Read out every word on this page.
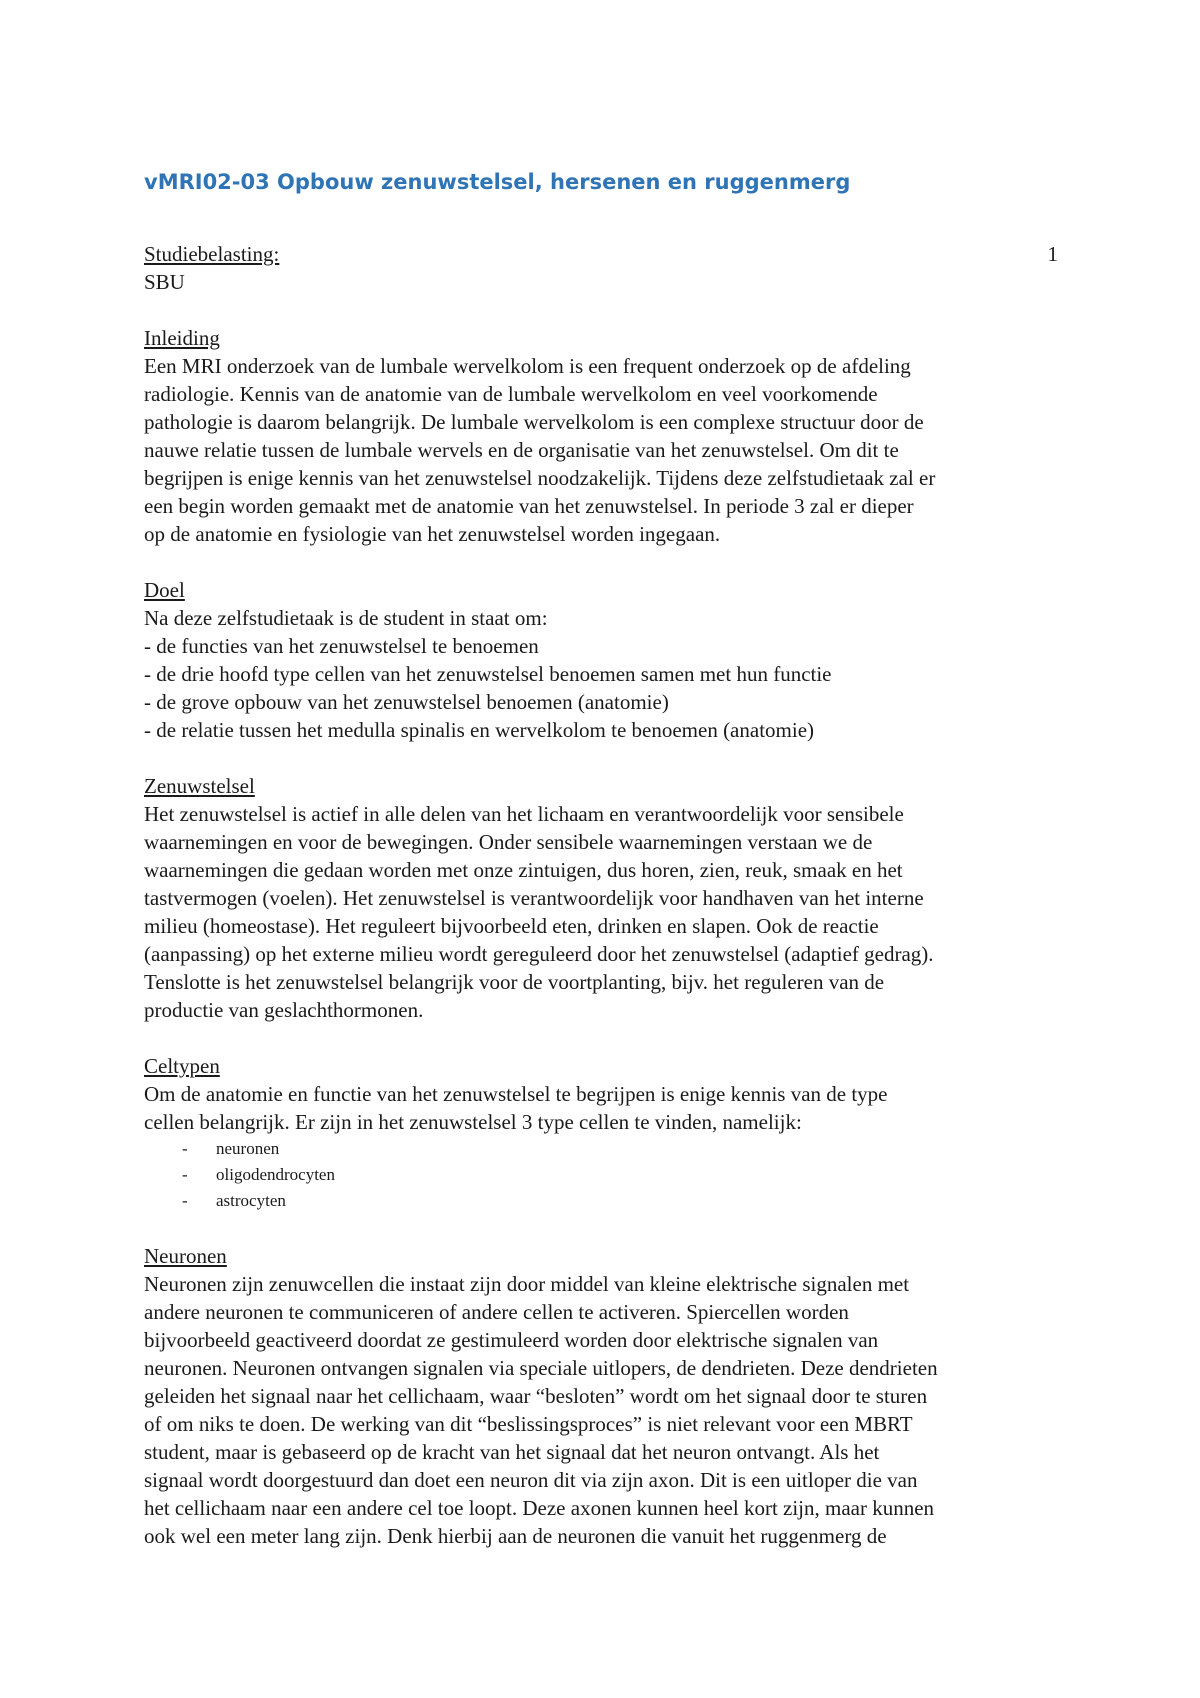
vMRI02-03 Opbouw zenuwstelsel, hersenen en ruggenmerg
Studiebelasting:	1

SBU

Inleiding

Een MRI onderzoek van de lumbale wervelkolom is een frequent onderzoek op de afdeling

radiologie. Kennis van de anatomie van de lumbale wervelkolom en veel voorkomende

pathologie is daarom belangrijk. De lumbale wervelkolom is een complexe structuur door de

nauwe relatie tussen de lumbale wervels en de organisatie van het zenuwstelsel. Om dit te

begrijpen is enige kennis van het zenuwstelsel noodzakelijk. Tijdens deze zelfstudietaak zal er

een begin worden gemaakt met de anatomie van het zenuwstelsel. In periode 3 zal er dieper

op de anatomie en fysiologie van het zenuwstelsel worden ingegaan.

Doel

Na deze zelfstudietaak is de student in staat om:

- de functies van het zenuwstelsel te benoemen

- de drie hoofd type cellen van het zenuwstelsel benoemen samen met hun functie

- de grove opbouw van het zenuwstelsel benoemen (anatomie)

- de relatie tussen het medulla spinalis en wervelkolom te benoemen (anatomie)

Zenuwstelsel

Het zenuwstelsel is actief in alle delen van het lichaam en verantwoordelijk voor sensibele

waarnemingen en voor de bewegingen. Onder sensibele waarnemingen verstaan we de

waarnemingen die gedaan worden met onze zintuigen, dus horen, zien, reuk, smaak en het

tastvermogen (voelen). Het zenuwstelsel is verantwoordelijk voor handhaven van het interne

milieu (homeostase). Het reguleert bijvoorbeeld eten, drinken en slapen. Ook de reactie

(aanpassing) op het externe milieu wordt gereguleerd door het zenuwstelsel (adaptief gedrag).

Tenslotte is het zenuwstelsel belangrijk voor de voortplanting, bijv. het reguleren van de

productie van geslachthormonen.

Celtypen

Om de anatomie en functie van het zenuwstelsel te begrijpen is enige kennis van de type

cellen belangrijk. Er zijn in het zenuwstelsel 3 type cellen te vinden, namelijk:

- neuronen
- oligodendrocyten
- astrocyten

Neuronen

Neuronen zijn zenuwcellen die instaat zijn door middel van kleine elektrische signalen met

andere neuronen te communiceren of andere cellen te activeren. Spiercellen worden

bijvoorbeeld geactiveerd doordat ze gestimuleerd worden door elektrische signalen van

neuronen. Neuronen ontvangen signalen via speciale uitlopers, de dendrieten. Deze dendrieten

geleiden het signaal naar het cellichaam, waar “besloten” wordt om het signaal door te sturen

of om niks te doen. De werking van dit “beslissingsproces” is niet relevant voor een MBRT

student, maar is gebaseerd op de kracht van het signaal dat het neuron ontvangt. Als het

signaal wordt doorgestuurd dan doet een neuron dit via zijn axon. Dit is een uitloper die van

het cellichaam naar een andere cel toe loopt. Deze axonen kunnen heel kort zijn, maar kunnen

ook wel een meter lang zijn. Denk hierbij aan de neuronen die vanuit het ruggenmerg de
